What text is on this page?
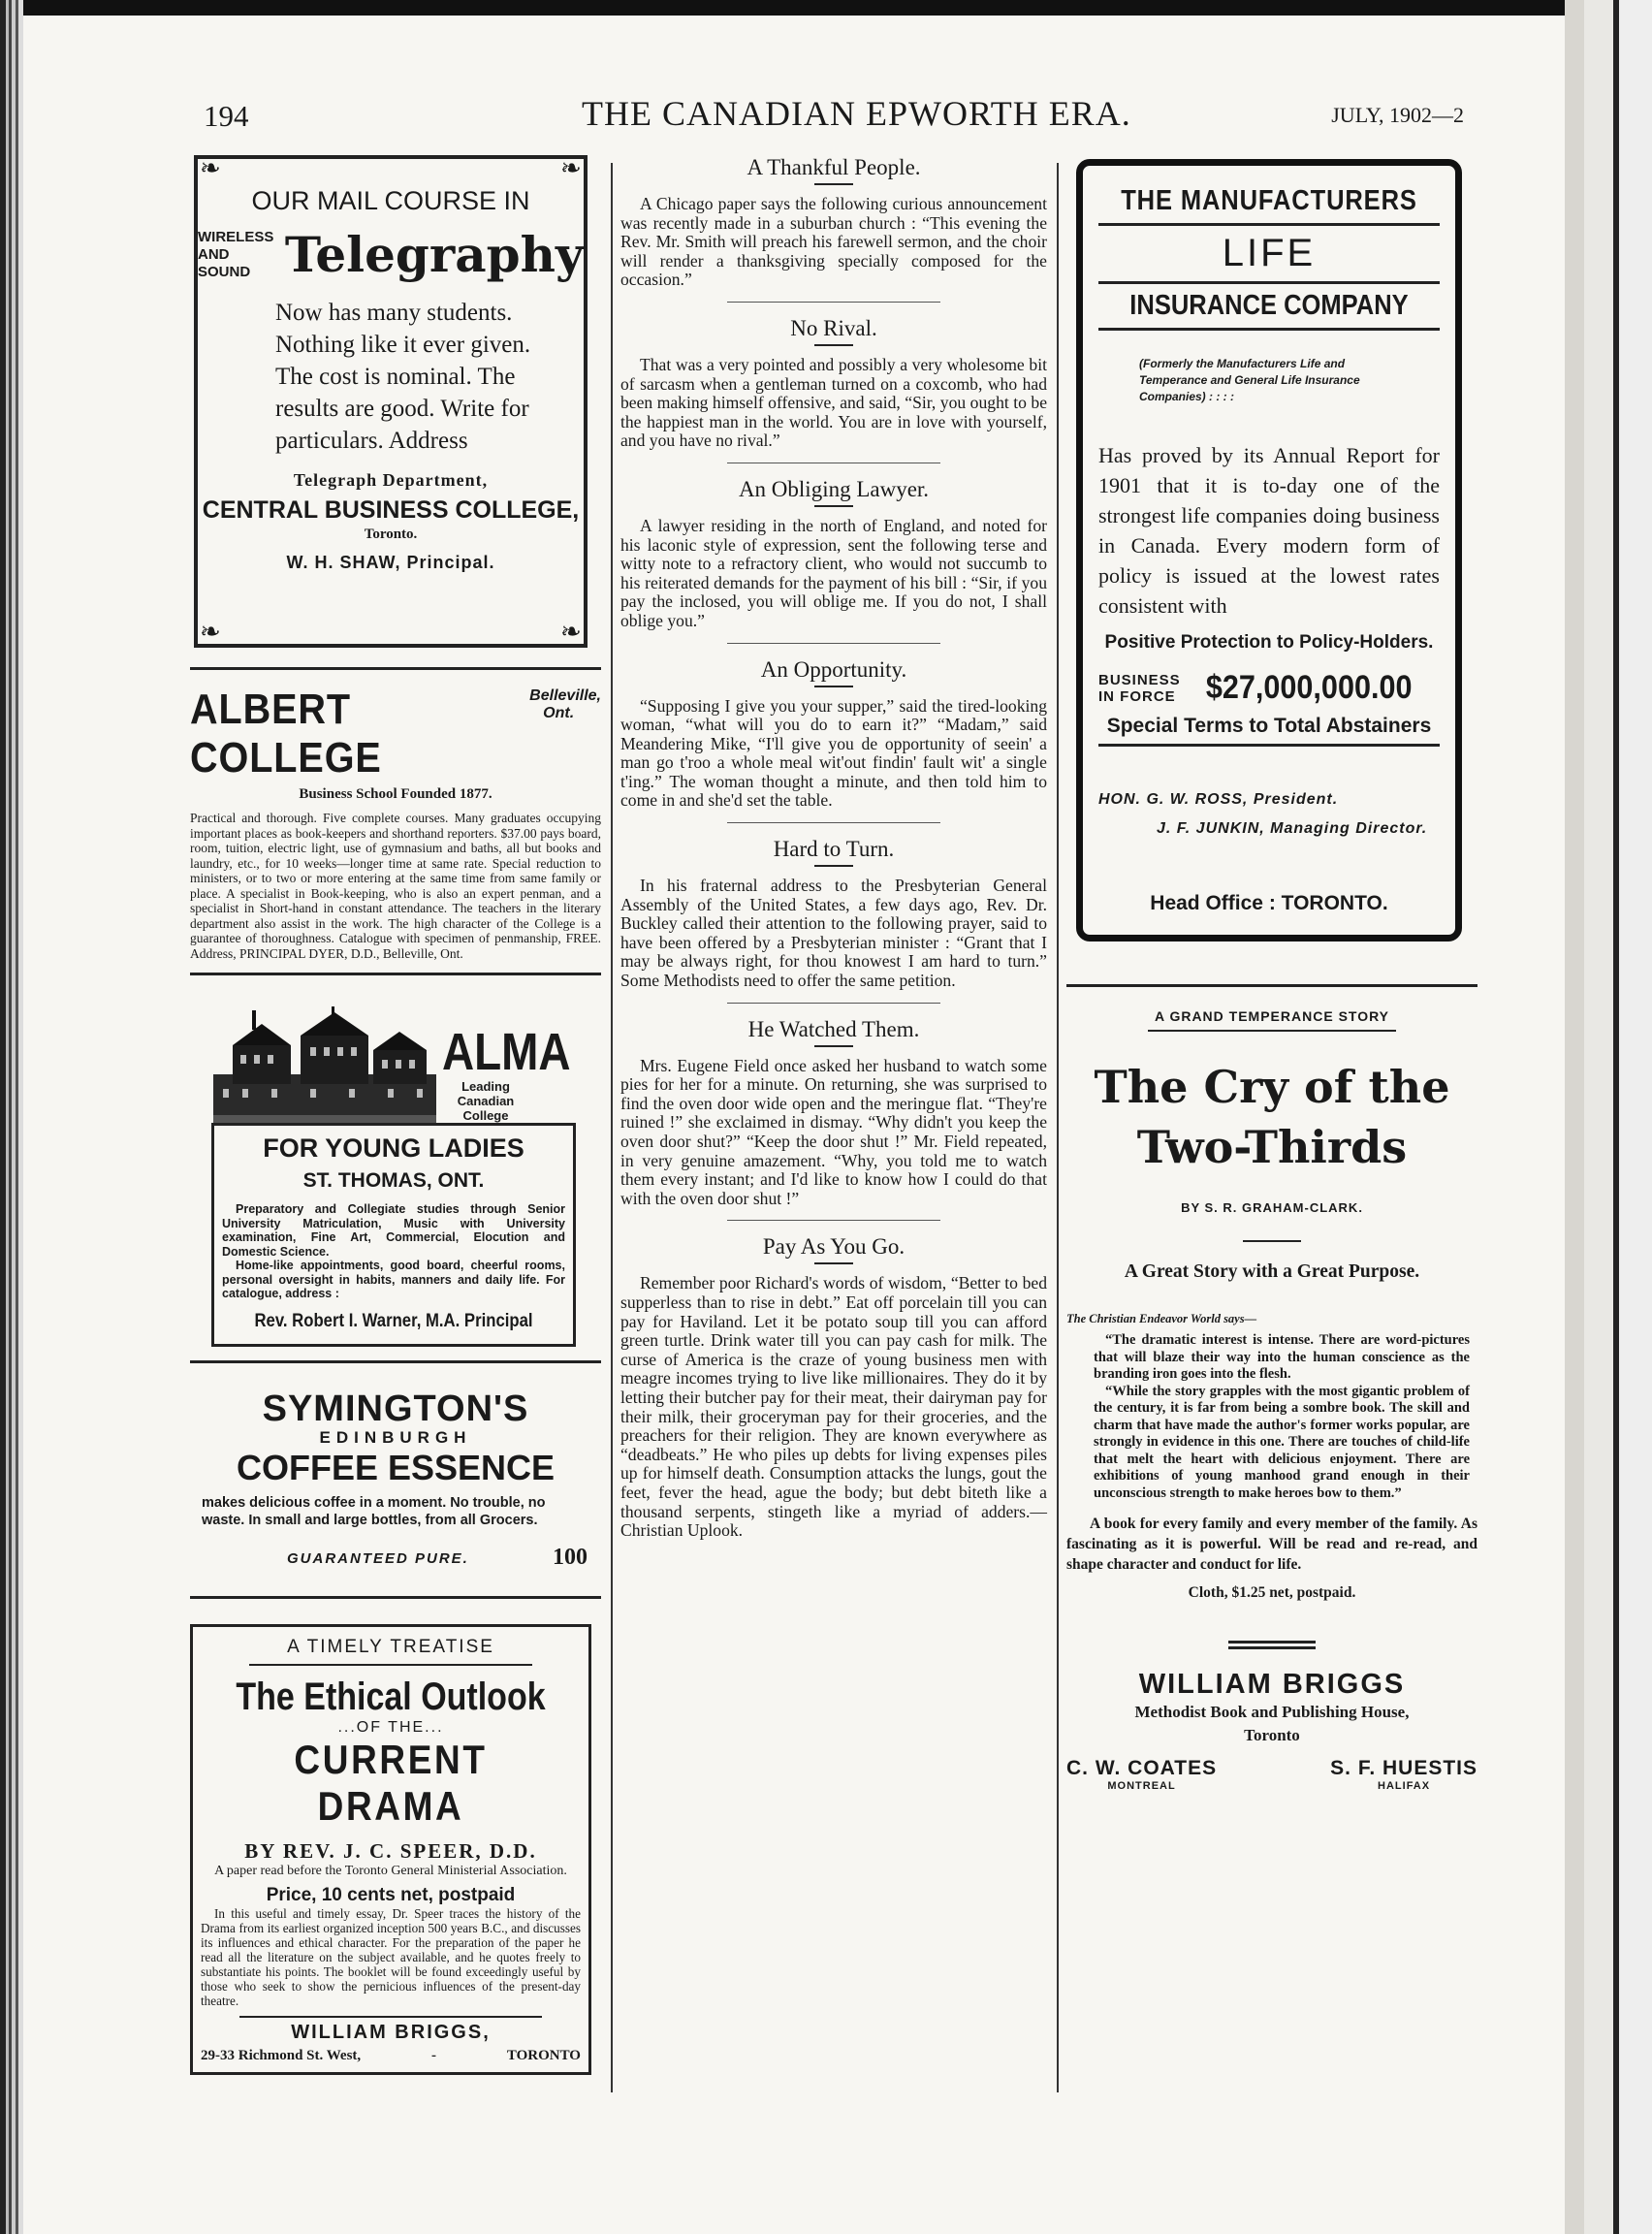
194	THE CANADIAN EPWORTH ERA.	JULY, 1902—2
❧	❧
❧	❧
OUR MAIL COURSE IN
WIRELESS
AND SOUND Telegraphy
Now has many students. Nothing like it ever given. The cost is nominal. The results are good. Write for particulars. Address
Telegraph Department,
CENTRAL BUSINESS COLLEGE,
Toronto.
W. H. SHAW, Principal.
ALBERT COLLEGE
Belleville,
Ont.
Business School Founded 1877.
Practical and thorough. Five complete courses. Many graduates occupying important places as book-keepers and shorthand reporters. $37.00 pays board, room, tuition, electric light, use of gymnasium and baths, all but books and laundry, etc., for 10 weeks—longer time at same rate. Special reduction to ministers, or to two or more entering at the same time from same family or place. A specialist in Book-keeping, who is also an expert penman, and a specialist in Short-hand in constant attendance. The teachers in the literary department also assist in the work. The high character of the College is a guarantee of thoroughness. Catalogue with specimen of penmanship, FREE. Address, PRINCIPAL DYER, D.D., Belleville, Ont.
ALMA
Leading Canadian
College
FOR YOUNG LADIES
ST. THOMAS, ONT.
Preparatory and Collegiate studies through Senior University Matriculation, Music with University examination, Fine Art, Commercial, Elocution and Domestic Science.
Home-like appointments, good board, cheerful rooms, personal oversight in habits, manners and daily life. For catalogue, address :
Rev. Robert I. Warner, M.A. Principal
SYMINGTON'S
EDINBURGH
COFFEE ESSENCE
makes delicious coffee in a moment. No trouble, no waste. In small and large bottles, from all Grocers.
GUARANTEED PURE.	100
A TIMELY TREATISE
The Ethical Outlook
...OF THE...
CURRENT DRAMA
BY REV. J. C. SPEER, D.D.
A paper read before the Toronto General Ministerial Association.
Price, 10 cents net, postpaid
In this useful and timely essay, Dr. Speer traces the history of the Drama from its earliest organized inception 500 years B.C., and discusses its influences and ethical character. For the preparation of the paper he read all the literature on the subject available, and he quotes freely to substantiate his points. The booklet will be found exceedingly useful by those who seek to show the pernicious influences of the present-day theatre.
WILLIAM BRIGGS,
29-33 Richmond St. West,	-	TORONTO
A Thankful People.

A Chicago paper says the following curious announcement was recently made in a suburban church : “This evening the Rev. Mr. Smith will preach his farewell sermon, and the choir will render a thanksgiving specially composed for the occasion.”

No Rival.

That was a very pointed and possibly a very wholesome bit of sarcasm when a gentleman turned on a coxcomb, who had been making himself offensive, and said, “Sir, you ought to be the happiest man in the world. You are in love with yourself, and you have no rival.”

An Obliging Lawyer.

A lawyer residing in the north of England, and noted for his laconic style of expression, sent the following terse and witty note to a refractory client, who would not succumb to his reiterated demands for the payment of his bill : “Sir, if you pay the inclosed, you will oblige me. If you do not, I shall oblige you.”

An Opportunity.

“Supposing I give you your supper,” said the tired-looking woman, “what will you do to earn it?” “Madam,” said Meandering Mike, “I'll give you de opportunity of seein' a man go t'roo a whole meal wit'out findin' fault wit' a single t'ing.” The woman thought a minute, and then told him to come in and she'd set the table.

Hard to Turn.

In his fraternal address to the Presbyterian General Assembly of the United States, a few days ago, Rev. Dr. Buckley called their attention to the following prayer, said to have been offered by a Presbyterian minister : “Grant that I may be always right, for thou knowest I am hard to turn.” Some Methodists need to offer the same petition.

He Watched Them.

Mrs. Eugene Field once asked her husband to watch some pies for her for a minute. On returning, she was surprised to find the oven door wide open and the meringue flat. “They're ruined !” she exclaimed in dismay. “Why didn't you keep the oven door shut?” “Keep the door shut !” Mr. Field repeated, in very genuine amazement. “Why, you told me to watch them every instant; and I'd like to know how I could do that with the oven door shut !”

Pay As You Go.

Remember poor Richard's words of wisdom, “Better to bed supperless than to rise in debt.” Eat off porcelain till you can pay for Haviland. Let it be potato soup till you can afford green turtle. Drink water till you can pay cash for milk. The curse of America is the craze of young business men with meagre incomes trying to live like millionaires. They do it by letting their butcher pay for their meat, their dairyman pay for their milk, their groceryman pay for their groceries, and the preachers for their religion. They are known everywhere as “deadbeats.” He who piles up debts for living expenses piles up for himself death. Consumption attacks the lungs, gout the feet, fever the head, ague the body; but debt biteth like a thousand serpents, stingeth like a myriad of adders.—Christian Uplook.

THE MANUFACTURERS
LIFE
INSURANCE COMPANY
(Formerly the Manufacturers Life and Temperance and General Life Insurance Companies) : : : :
Has proved by its Annual Report for 1901 that it is to-day one of the strongest life companies doing business in Canada. Every modern form of policy is issued at the lowest rates consistent with
Positive Protection to Policy-Holders.
BUSINESS
IN FORCE $27,000,000.00
Special Terms to Total Abstainers
HON. G. W. ROSS, President.
J. F. JUNKIN, Managing Director.
Head Office : TORONTO.
A GRAND TEMPERANCE STORY
The Cry of the
Two-Thirds
BY S. R. GRAHAM-CLARK.
A Great Story with a Great Purpose.
The Christian Endeavor World says—

“The dramatic interest is intense. There are word-pictures that will blaze their way into the human conscience as the branding iron goes into the flesh.

“While the story grapples with the most gigantic problem of the century, it is far from being a sombre book. The skill and charm that have made the author's former works popular, are strongly in evidence in this one. There are touches of child-life that melt the heart with delicious enjoyment. There are exhibitions of young manhood grand enough in their unconscious strength to make heroes bow to them.”

A book for every family and every member of the family. As fascinating as it is powerful. Will be read and re-read, and shape character and conduct for life.
Cloth, $1.25 net, postpaid.
WILLIAM BRIGGS
Methodist Book and Publishing House,
Toronto
C. W. COATES
MONTREAL
S. F. HUESTIS
HALIFAX
